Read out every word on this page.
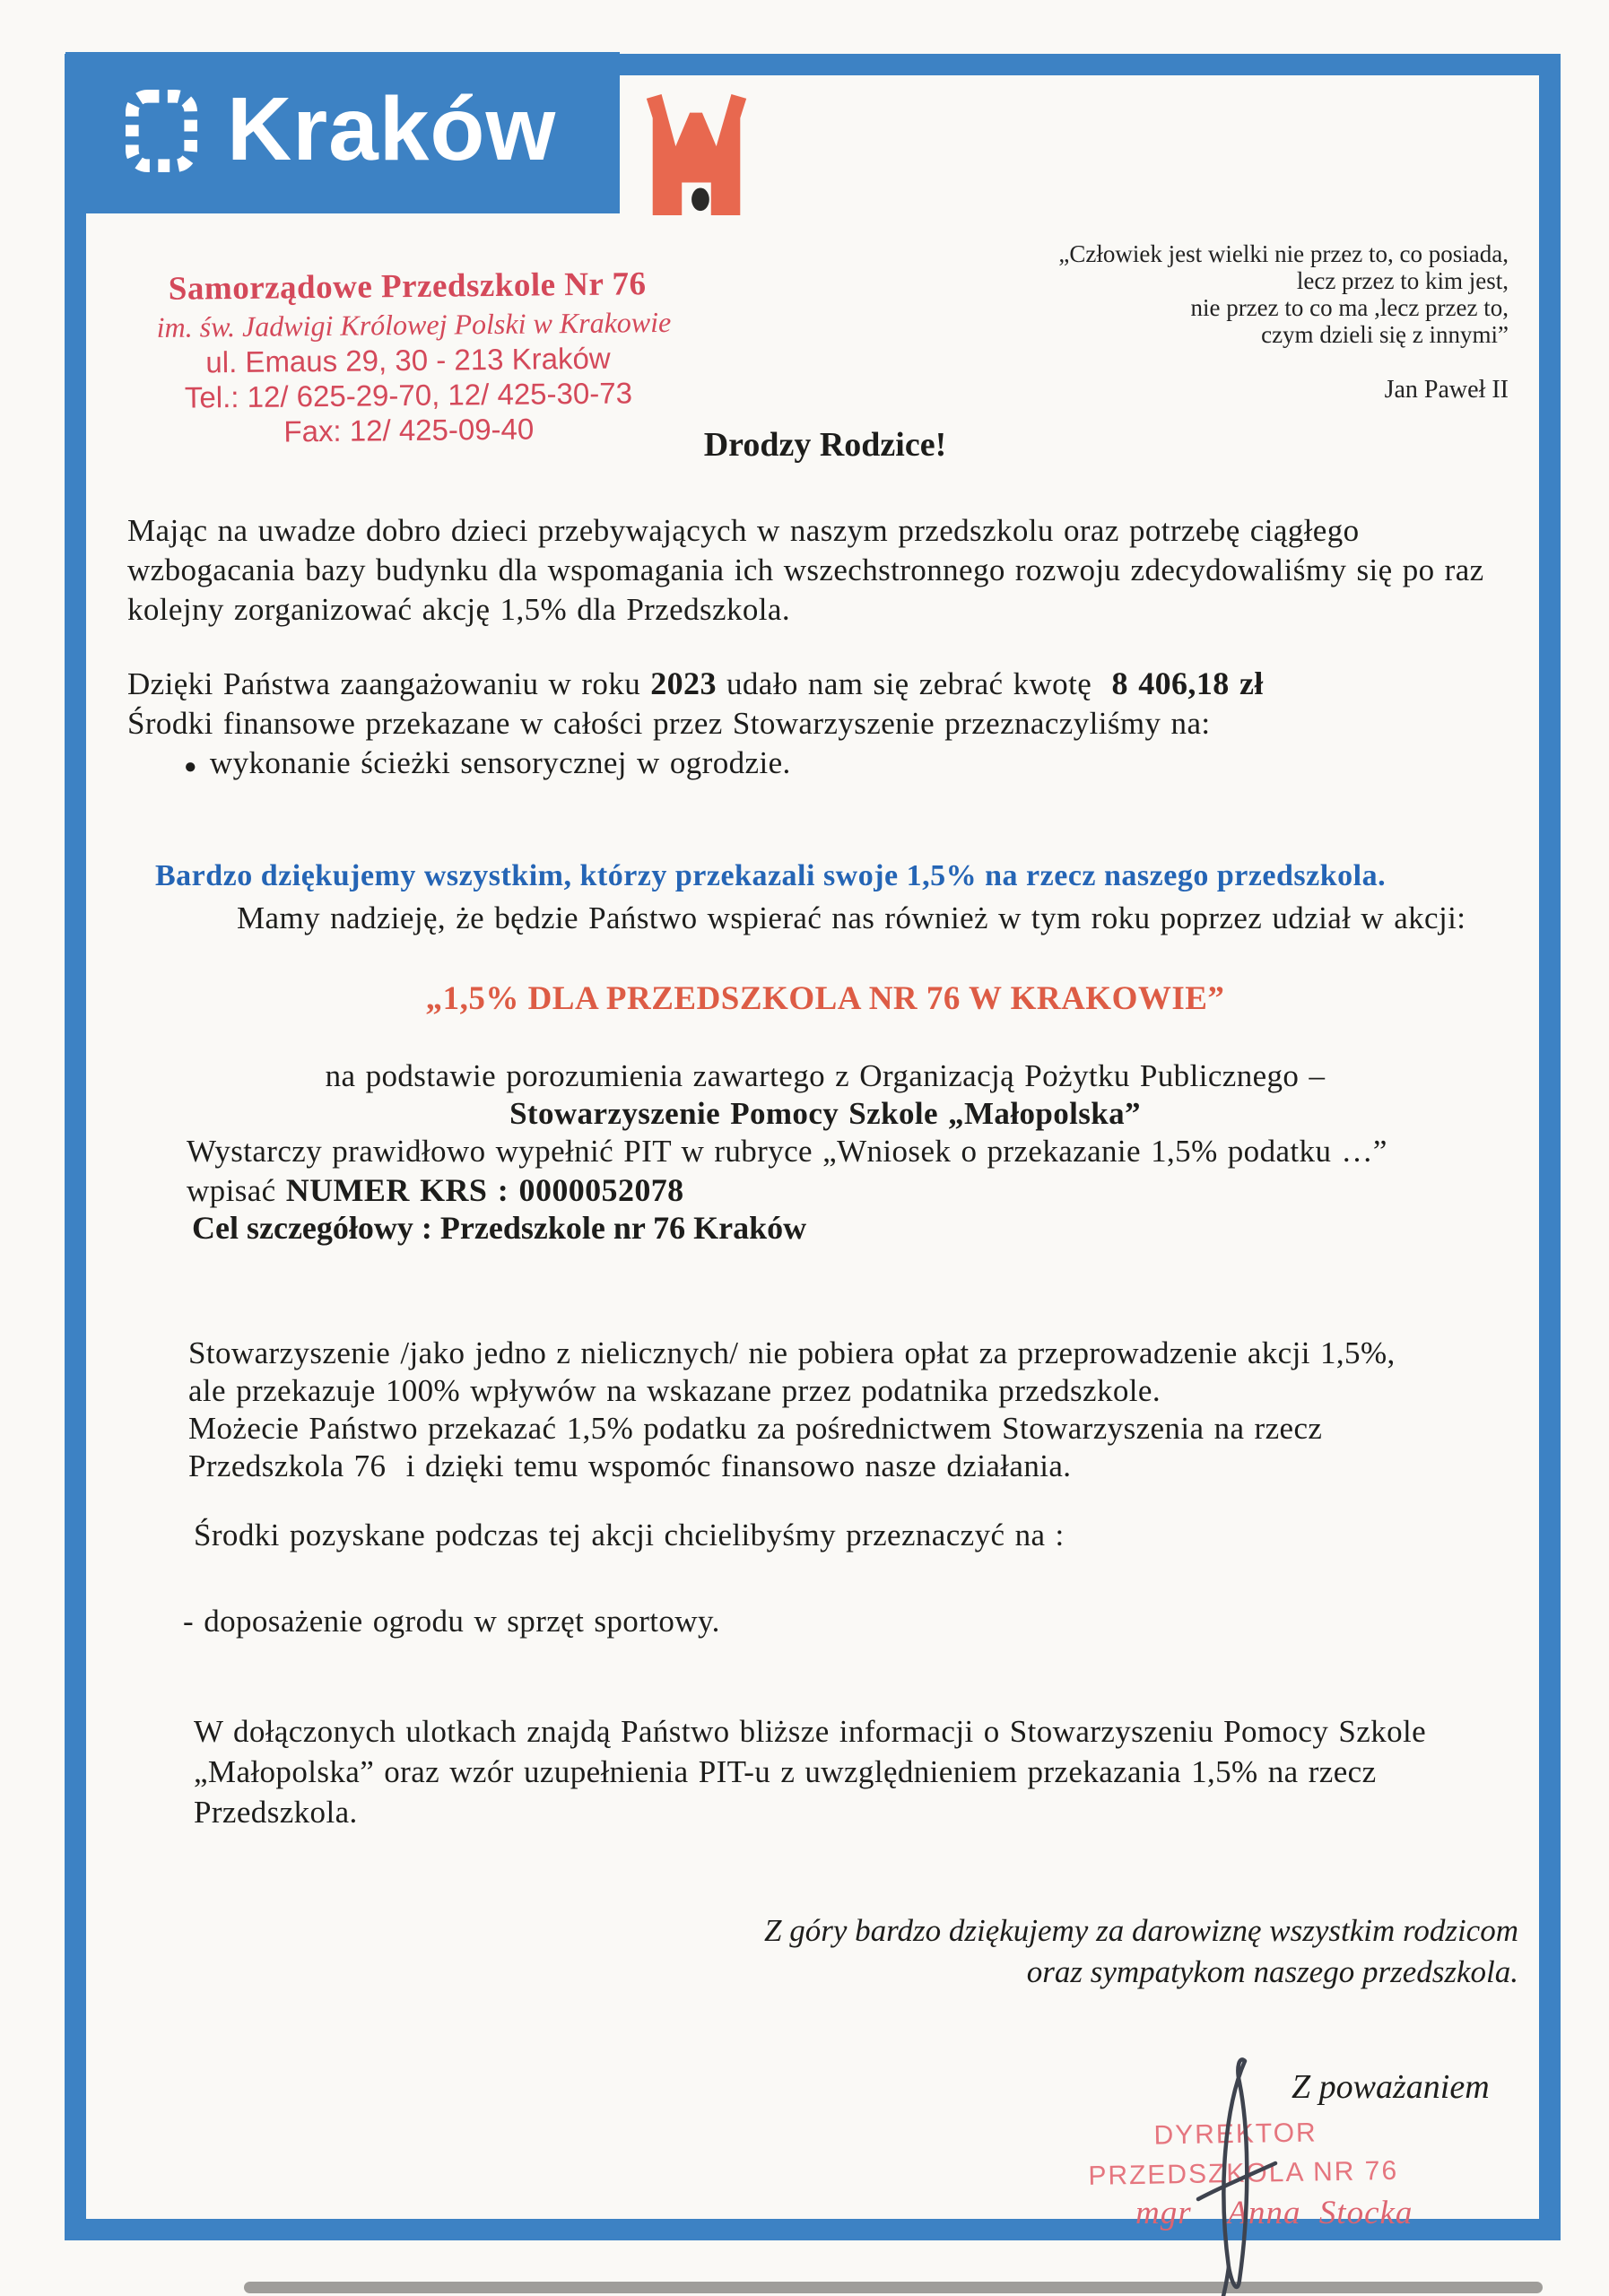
Kraków
Samorządowe Przedszkole Nr 76
im. św. Jadwigi Królowej Polski w Krakowie
ul. Emaus 29, 30 - 213 Kraków
Tel.: 12/ 625-29-70, 12/ 425-30-73
Fax: 12/ 425-09-40
„Człowiek jest wielki nie przez to, co posiada,
lecz przez to kim jest,
nie przez to co ma ,lecz przez to,
czym dzieli się z innymi”
Jan Paweł II
Drodzy Rodzice!
Mając na uwadze dobro dzieci przebywających w naszym przedszkolu oraz potrzebę ciągłego
wzbogacania bazy budynku dla wspomagania ich wszechstronnego rozwoju zdecydowaliśmy się po raz
kolejny zorganizować akcję 1,5% dla Przedszkola.
Dzięki Państwa zaangażowaniu w roku 2023 udało nam się zebrać kwotę  8 406,18 zł
Środki finansowe przekazane w całości przez Stowarzyszenie przeznaczyliśmy na:
● wykonanie ścieżki sensorycznej w ogrodzie.
Bardzo dziękujemy wszystkim, którzy przekazali swoje 1,5% na rzecz naszego przedszkola.
Mamy nadzieję, że będzie Państwo wspierać nas również w tym roku poprzez udział w akcji:
„1,5% DLA PRZEDSZKOLA NR 76 W KRAKOWIE”
na podstawie porozumienia zawartego z Organizacją Pożytku Publicznego –
Stowarzyszenie Pomocy Szkole „Małopolska”
Wystarczy prawidłowo wypełnić PIT w rubryce „Wniosek o przekazanie 1,5% podatku …”
wpisać NUMER KRS : 0000052078
Cel szczegółowy : Przedszkole nr 76 Kraków
Stowarzyszenie /jako jedno z nielicznych/ nie pobiera opłat za przeprowadzenie akcji 1,5%,
ale przekazuje 100% wpływów na wskazane przez podatnika przedszkole.
Możecie Państwo przekazać 1,5% podatku za pośrednictwem Stowarzyszenia na rzecz
Przedszkola 76  i dzięki temu wspomóc finansowo nasze działania.
Środki pozyskane podczas tej akcji chcielibyśmy przeznaczyć na :
- doposażenie ogrodu w sprzęt sportowy.
W dołączonych ulotkach znajdą Państwo bliższe informacji o Stowarzyszeniu Pomocy Szkole
„Małopolska” oraz wzór uzupełnienia PIT-u z uwzględnieniem przekazania 1,5% na rzecz
Przedszkola.
Z góry bardzo dziękujemy za darowiznę wszystkim rodzicom
oraz sympatykom naszego przedszkola.
Z poważaniem
DYREKTOR
PRZEDSZKOLA NR 76
mgr  Anna Stocka
